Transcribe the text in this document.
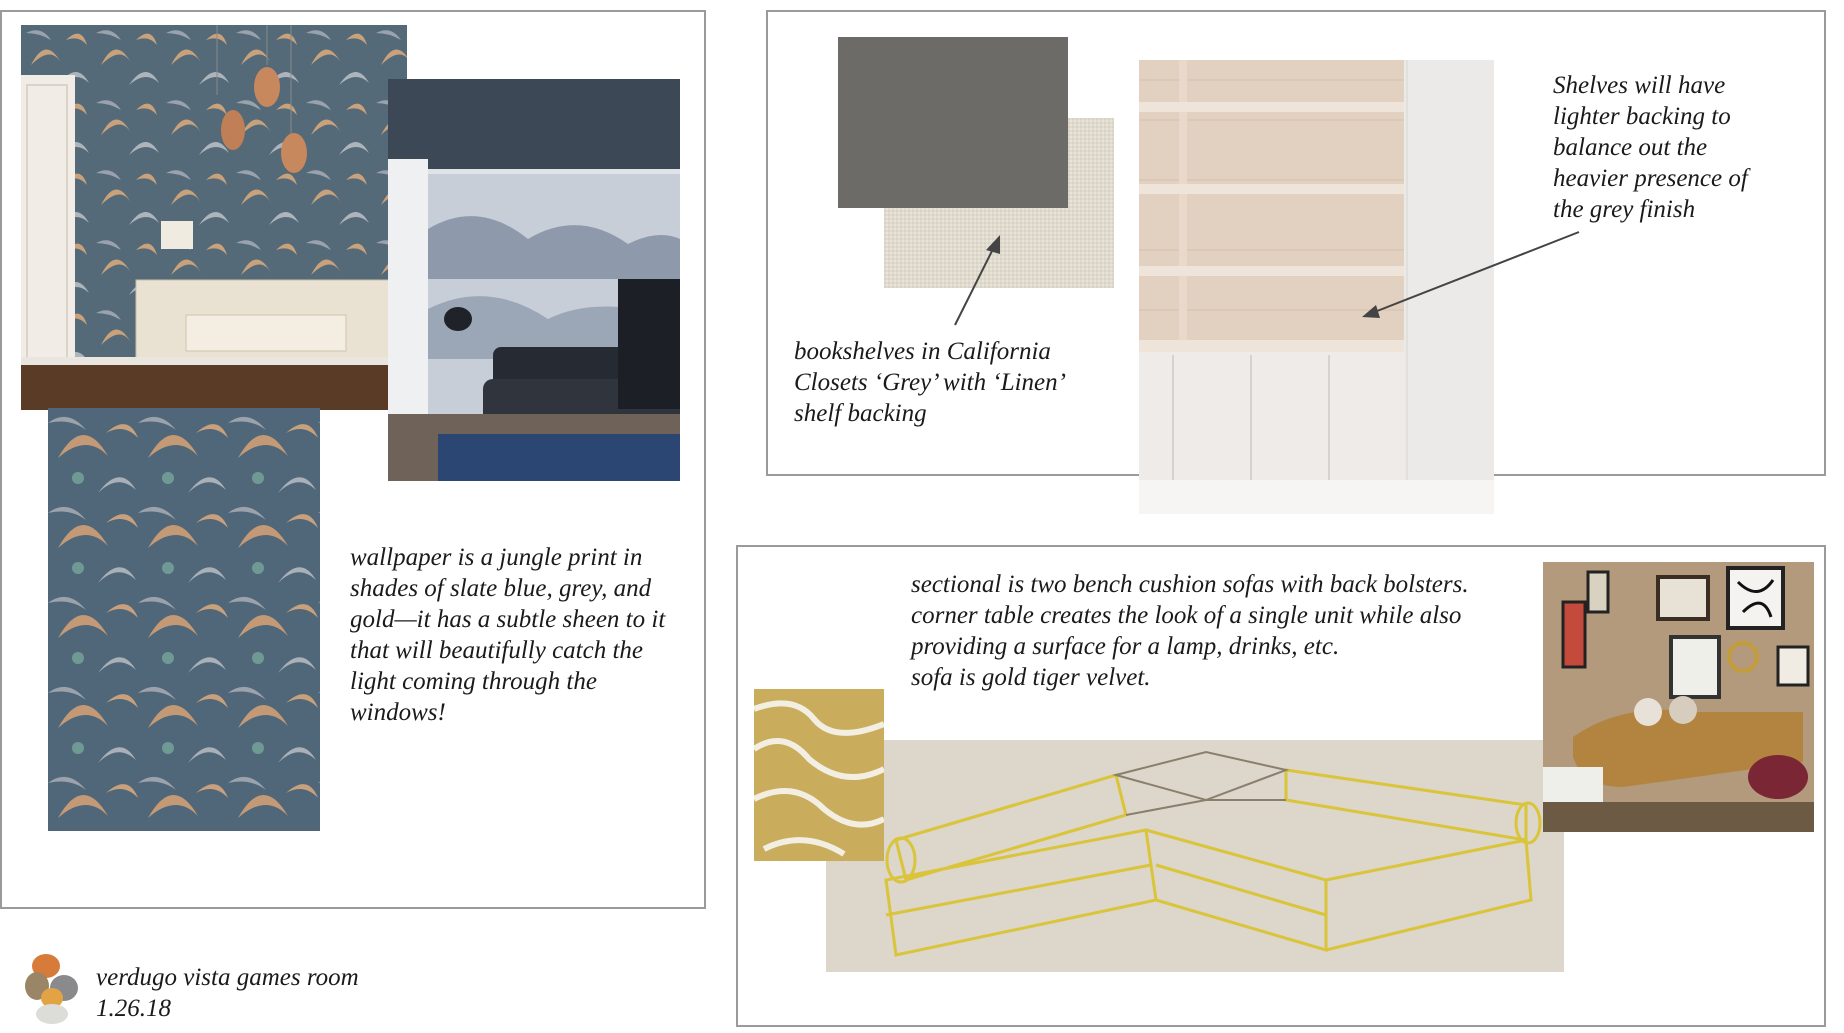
wallpaper is a jungle print in
shades of slate blue, grey, and
gold—it has a subtle sheen to it
that will beautifully catch the
light coming through the
windows!
bookshelves in California
Closets ‘Grey’ with ‘Linen’
shelf backing
Shelves will have
lighter backing to
balance out the
heavier presence of
the grey finish
sectional is two bench cushion sofas with back bolsters.
corner table creates the look of a single unit while also
providing a surface for a lamp, drinks, etc.
sofa is gold tiger velvet.
verdugo vista games room
1.26.18
